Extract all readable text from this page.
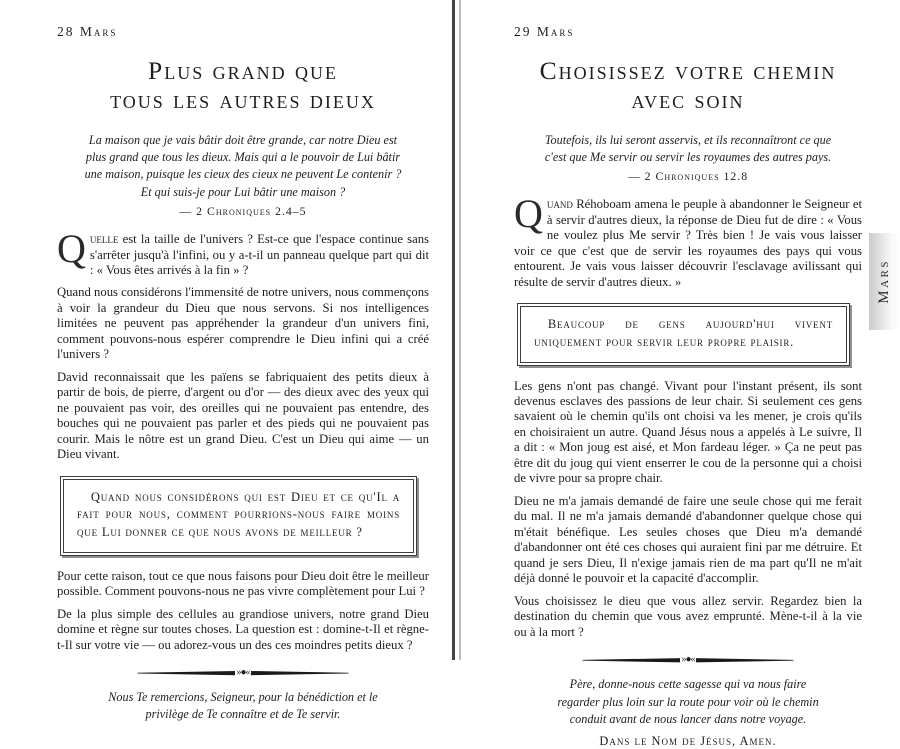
28 Mars
Plus grand que
tous les autres dieux
La maison que je vais bâtir doit être grande, car notre Dieu est plus grand que tous les dieux. Mais qui a le pouvoir de Lui bâtir une maison, puisque les cieux des cieux ne peuvent Le contenir ? Et qui suis-je pour Lui bâtir une maison ?
— 2 Chroniques 2.4–5

Quelle est la taille de l'univers ? Est-ce que l'espace continue sans s'arrêter jusqu'à l'infini, ou y a-t-il un panneau quelque part qui dit : « Vous êtes arrivés à la fin » ?

Quand nous considérons l'immensité de notre univers, nous commençons à voir la grandeur du Dieu que nous servons. Si nos intelligences limitées ne peuvent pas appréhender la grandeur d'un univers fini, comment pouvons-nous espérer comprendre le Dieu infini qui a créé l'univers ?

David reconnaissait que les païens se fabriquaient des petits dieux à partir de bois, de pierre, d'argent ou d'or — des dieux avec des yeux qui ne pouvaient pas voir, des oreilles qui ne pouvaient pas entendre, des bouches qui ne pouvaient pas parler et des pieds qui ne pouvaient pas courir. Mais le nôtre est un grand Dieu. C'est un Dieu qui aime — un Dieu vivant.

Quand nous considérons qui est Dieu et ce qu'Il a fait pour nous, comment pourrions-nous faire moins que Lui donner ce que nous avons de meilleur ?

Pour cette raison, tout ce que nous faisons pour Dieu doit être le meilleur possible. Comment pouvons-nous ne pas vivre complètement pour Lui ?

De la plus simple des cellules au grandiose univers, notre grand Dieu domine et règne sur toutes choses. La question est : domine-t-Il et règne-t-Il sur votre vie — ou adorez-vous un des ces moindres petits dieux ?

»●«
Nous Te remercions, Seigneur, pour la bénédiction et le privilège de Te connaître et de Te servir.
29 Mars
Choisissez votre chemin
avec soin
Toutefois, ils lui seront asservis, et ils reconnaîtront ce que c'est que Me servir ou servir les royaumes des autres pays.
— 2 Chroniques 12.8

Quand Réhoboam amena le peuple à abandonner le Seigneur et à servir d'autres dieux, la réponse de Dieu fut de dire : « Vous ne voulez plus Me servir ? Très bien ! Je vais vous laisser voir ce que c'est que de servir les royaumes des pays qui vous entourent. Je vais vous laisser découvrir l'esclavage avilissant qui résulte de servir d'autres dieux. »

Beaucoup de gens aujourd'hui vivent uniquement pour servir leur propre plaisir.

Les gens n'ont pas changé. Vivant pour l'instant présent, ils sont devenus esclaves des passions de leur chair. Si seulement ces gens savaient où le chemin qu'ils ont choisi va les mener, je crois qu'ils en choisiraient un autre. Quand Jésus nous a appelés à Le suivre, Il a dit : « Mon joug est aisé, et Mon fardeau léger. » Ça ne peut pas être dit du joug qui vient enserrer le cou de la personne qui a choisi de vivre pour sa propre chair.

Dieu ne m'a jamais demandé de faire une seule chose qui me ferait du mal. Il ne m'a jamais demandé d'abandonner quelque chose qui m'était bénéfique. Les seules choses que Dieu m'a demandé d'abandonner ont été ces choses qui auraient fini par me détruire. Et quand je sers Dieu, Il n'exige jamais rien de ma part qu'Il ne m'ait déjà donné le pouvoir et la capacité d'accomplir.

Vous choisissez le dieu que vous allez servir. Regardez bien la destination du chemin que vous avez emprunté. Mène-t-il à la vie ou à la mort ?

»●«
Père, donne-nous cette sagesse qui va nous faire regarder plus loin sur la route pour voir où le chemin conduit avant de nous lancer dans notre voyage.
Dans le Nom de Jésus, Amen.
Mars
